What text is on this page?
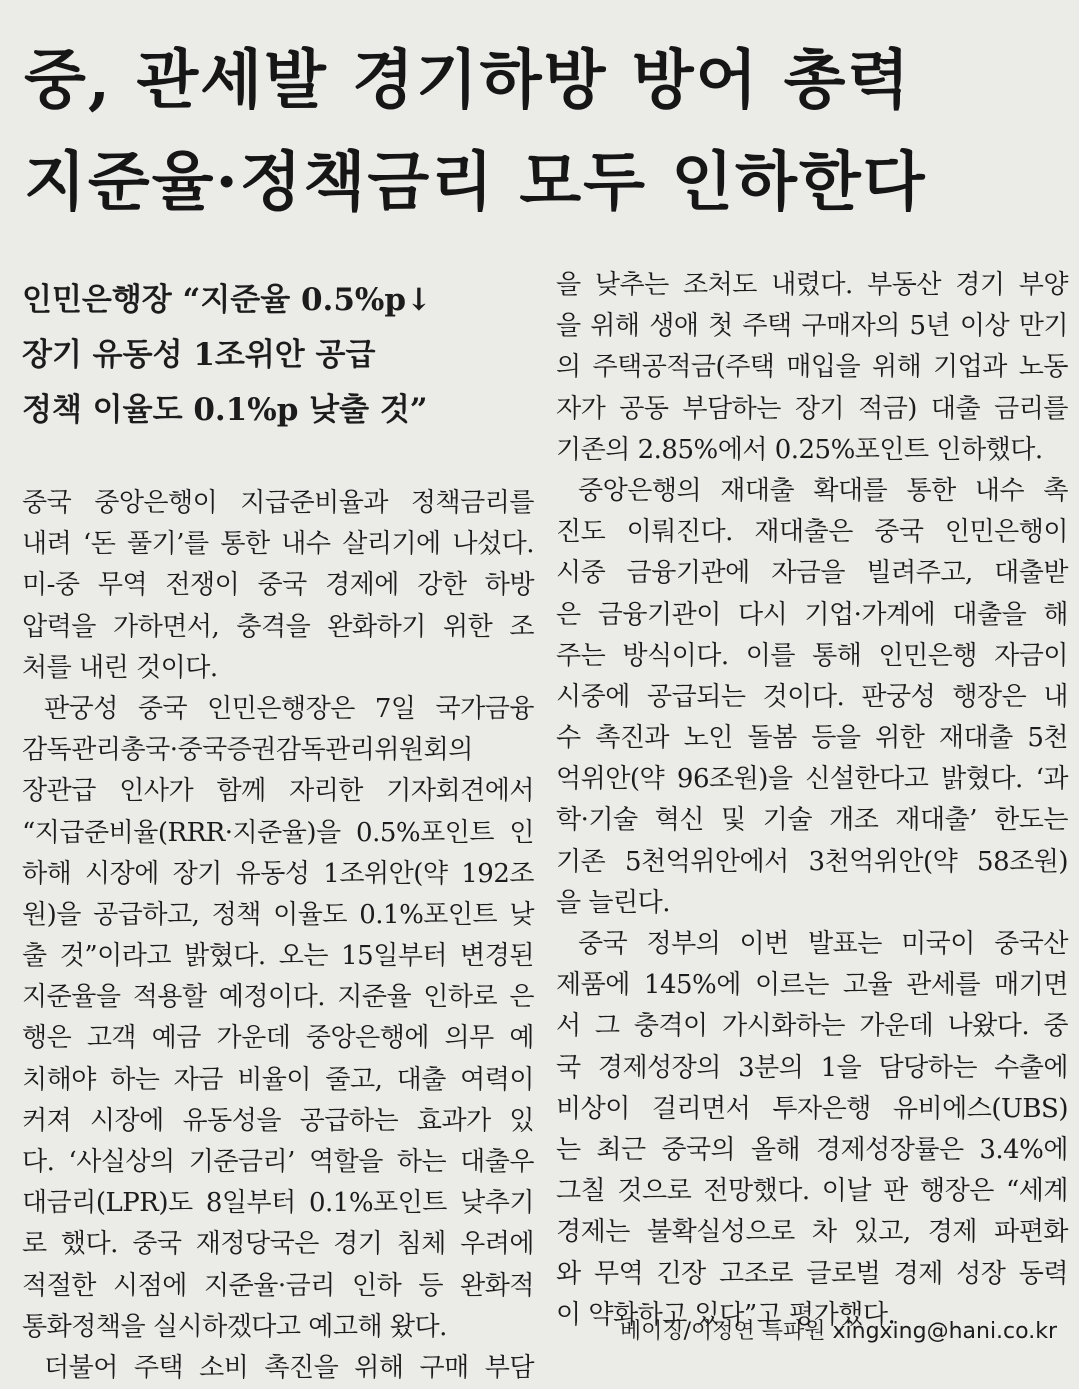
중, 관세발 경기하방 방어 총력
지준율·정책금리 모두 인하한다
인민은행장 “지준율 0.5%p↓
장기 유동성 1조위안 공급
정책 이율도 0.1%p 낮출 것”
중국 중앙은행이 지급준비율과 정책금리를
내려 ‘돈 풀기’를 통한 내수 살리기에 나섰다.
미-중 무역 전쟁이 중국 경제에 강한 하방
압력을 가하면서, 충격을 완화하기 위한 조
처를 내린 것이다.
판궁성 중국 인민은행장은 7일 국가금융
감독관리총국·중국증권감독관리위원회의
장관급 인사가 함께 자리한 기자회견에서
“지급준비율(RRR·지준율)을 0.5%포인트 인
하해 시장에 장기 유동성 1조위안(약 192조
원)을 공급하고, 정책 이율도 0.1%포인트 낮
출 것”이라고 밝혔다. 오는 15일부터 변경된
지준율을 적용할 예정이다. 지준율 인하로 은
행은 고객 예금 가운데 중앙은행에 의무 예
치해야 하는 자금 비율이 줄고, 대출 여력이
커져 시장에 유동성을 공급하는 효과가 있
다. ‘사실상의 기준금리’ 역할을 하는 대출우
대금리(LPR)도 8일부터 0.1%포인트 낮추기
로 했다. 중국 재정당국은 경기 침체 우려에
적절한 시점에 지준율·금리 인하 등 완화적
통화정책을 실시하겠다고 예고해 왔다.
더불어 주택 소비 촉진을 위해 구매 부담
을 낮추는 조처도 내렸다. 부동산 경기 부양
을 위해 생애 첫 주택 구매자의 5년 이상 만기
의 주택공적금(주택 매입을 위해 기업과 노동
자가 공동 부담하는 장기 적금) 대출 금리를
기존의 2.85%에서 0.25%포인트 인하했다.
중앙은행의 재대출 확대를 통한 내수 촉
진도 이뤄진다. 재대출은 중국 인민은행이
시중 금융기관에 자금을 빌려주고, 대출받
은 금융기관이 다시 기업·가계에 대출을 해
주는 방식이다. 이를 통해 인민은행 자금이
시중에 공급되는 것이다. 판궁성 행장은 내
수 촉진과 노인 돌봄 등을 위한 재대출 5천
억위안(약 96조원)을 신설한다고 밝혔다. ‘과
학·기술 혁신 및 기술 개조 재대출’ 한도는
기존 5천억위안에서 3천억위안(약 58조원)
을 늘린다.
중국 정부의 이번 발표는 미국이 중국산
제품에 145%에 이르는 고율 관세를 매기면
서 그 충격이 가시화하는 가운데 나왔다. 중
국 경제성장의 3분의 1을 담당하는 수출에
비상이 걸리면서 투자은행 유비에스(UBS)
는 최근 중국의 올해 경제성장률은 3.4%에
그칠 것으로 전망했다. 이날 판 행장은 “세계
경제는 불확실성으로 차 있고, 경제 파편화
와 무역 긴장 고조로 글로벌 경제 성장 동력
이 약화하고 있다”고 평가했다.
베이징/이정연 특파원 xingxing@hani.co.kr
